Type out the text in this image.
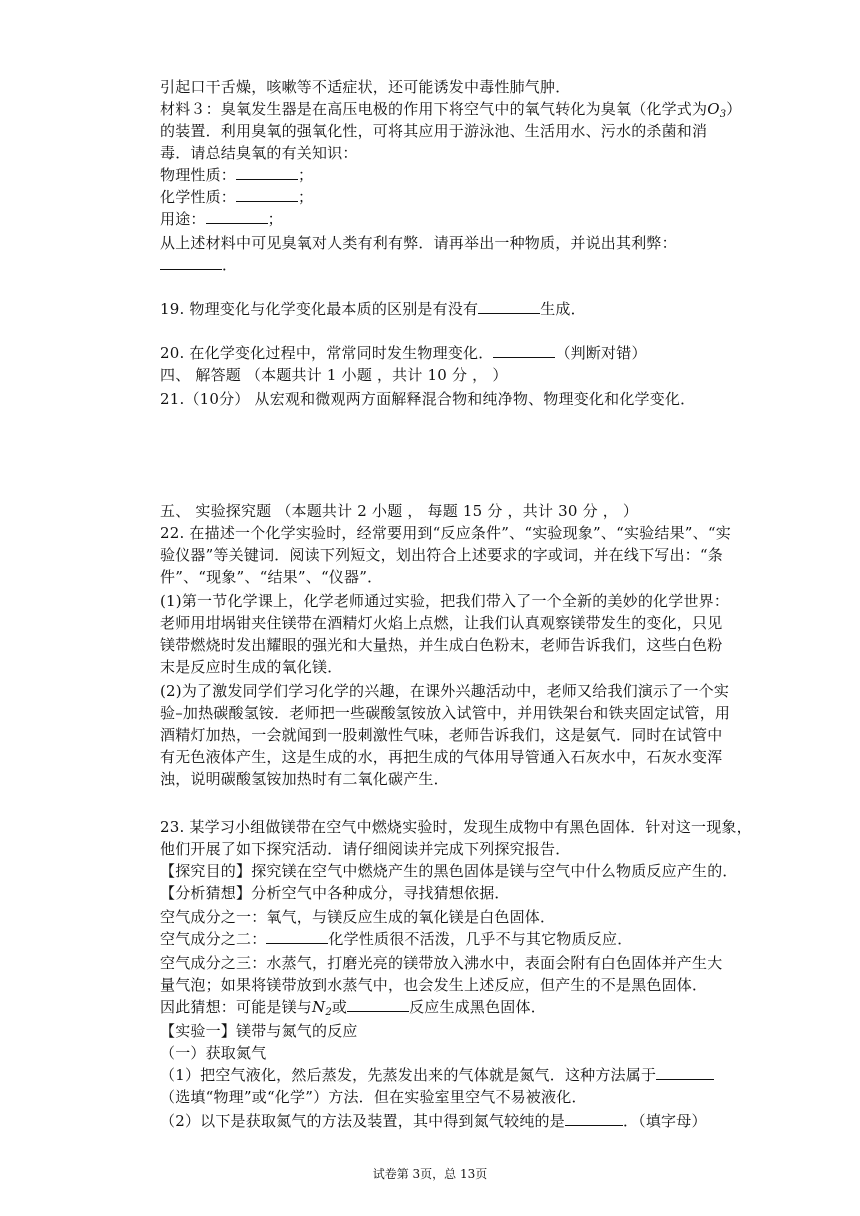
引起口干舌燥，咳嗽等不适症状，还可能诱发中毒性肺气肿．
材料３：臭氧发生器是在高压电极的作用下将空气中的氧气转化为臭氧（化学式为$O_3$）
的装置．利用臭氧的强氧化性，可将其应用于游泳池、生活用水、污水的杀菌和消
毒．请总结臭氧的有关知识：
物理性质：	；
化学性质：	；
用途：	；
从上述材料中可见臭氧对人类有利有弊．请再举出一种物质，并说出其利弊：
．
19. 物理变化与化学变化最本质的区别是有没有	生成．
20. 在化学变化过程中，常常同时发生物理变化．	（判断对错）
四、 解答题 （本题共计 1 小题 ，共计 10 分 ， ）
21.（10分） 从宏观和微观两方面解释混合物和纯净物、物理变化和化学变化．
五、 实验探究题 （本题共计 2 小题 ， 每题 15 分 ，共计 30 分 ， ）
22. 在描述一个化学实验时，经常要用到“反应条件”、“实验现象”、“实验结果”、“实
验仪器”等关键词．阅读下列短文，划出符合上述要求的字或词，并在线下写出：“条
件”、“现象”、“结果”、“仪器”．
(1)第一节化学课上，化学老师通过实验，把我们带入了一个全新的美妙的化学世界：
老师用坩埚钳夹住镁带在酒精灯火焰上点燃，让我们认真观察镁带发生的变化，只见
镁带燃烧时发出耀眼的强光和大量热，并生成白色粉末，老师告诉我们，这些白色粉
末是反应时生成的氧化镁．
(2)为了激发同学们学习化学的兴趣，在课外兴趣活动中，老师又给我们演示了一个实
验–加热碳酸氢铵．老师把一些碳酸氢铵放入试管中，并用铁架台和铁夹固定试管，用
酒精灯加热，一会就闻到一股刺激性气味，老师告诉我们，这是氨气．同时在试管中
有无色液体产生，这是生成的水，再把生成的气体用导管通入石灰水中，石灰水变浑
浊，说明碳酸氢铵加热时有二氧化碳产生．
23. 某学习小组做镁带在空气中燃烧实验时，发现生成物中有黑色固体．针对这一现象，
他们开展了如下探究活动．请仔细阅读并完成下列探究报告．
【探究目的】探究镁在空气中燃烧产生的黑色固体是镁与空气中什么物质反应产生的．
【分析猜想】分析空气中各种成分，寻找猜想依据．
空气成分之一：氧气，与镁反应生成的氧化镁是白色固体．
空气成分之二：	化学性质很不活泼，几乎不与其它物质反应．
空气成分之三：水蒸气，打磨光亮的镁带放入沸水中，表面会附有白色固体并产生大
量气泡；如果将镁带放到水蒸气中，也会发生上述反应，但产生的不是黑色固体．
因此猜想：可能是镁与$N_2$或	反应生成黑色固体．
【实验一】镁带与氮气的反应
（一）获取氮气
（1）把空气液化，然后蒸发，先蒸发出来的气体就是氮气．这种方法属于
（选填“物理”或“化学”）方法．但在实验室里空气不易被液化．
（2）以下是获取氮气的方法及装置，其中得到氮气较纯的是	．（填字母）
试卷第 3页，总 13页
